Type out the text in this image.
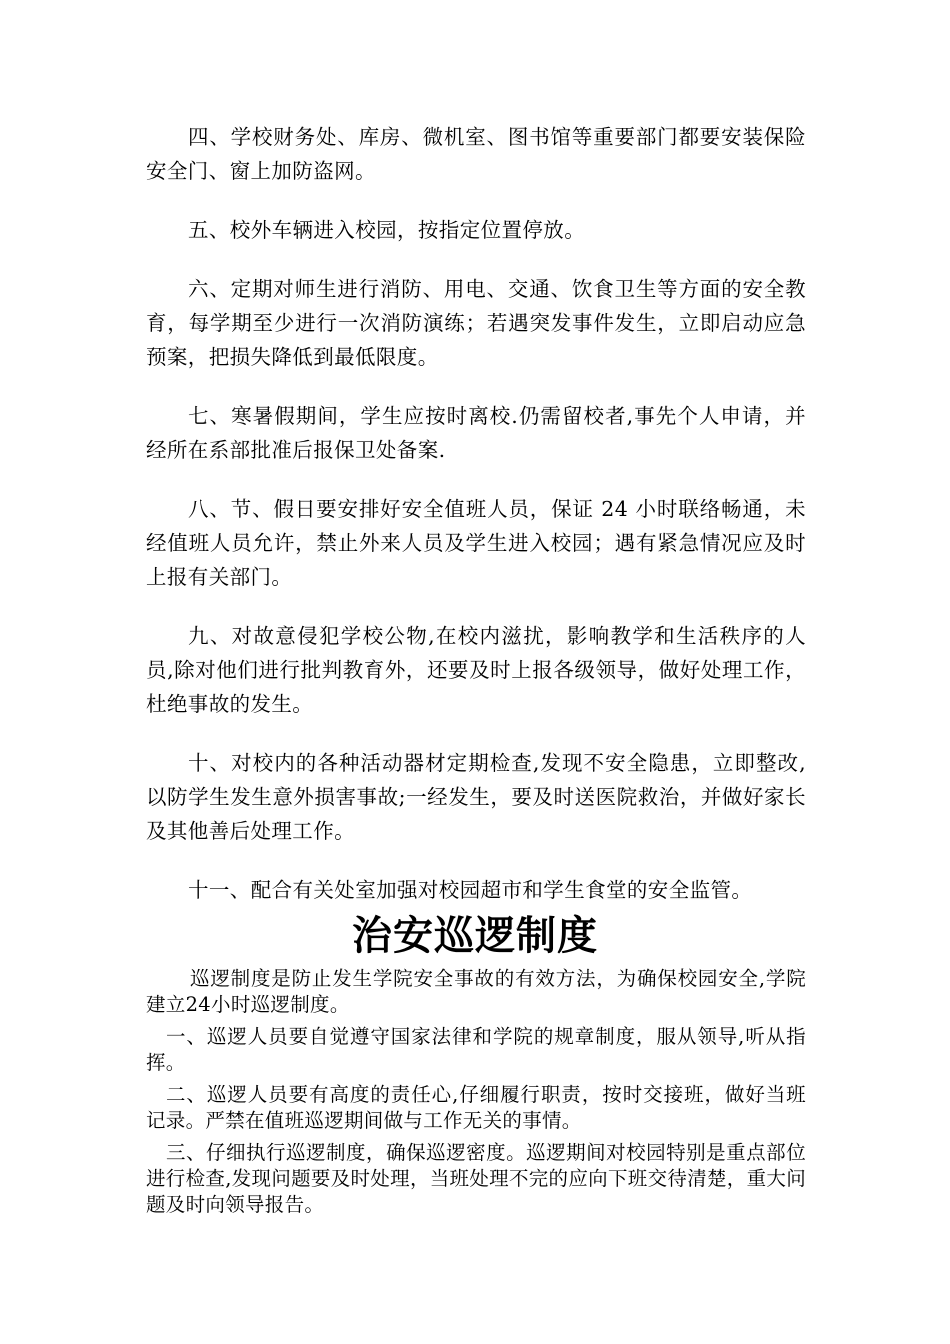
四、学校财务处、库房、微机室、图书馆等重要部门都要安装保险安全门、窗上加防盗网。

五、校外车辆进入校园，按指定位置停放。

六、定期对师生进行消防、用电、交通、饮食卫生等方面的安全教育，每学期至少进行一次消防演练；若遇突发事件发生，立即启动应急预案，把损失降低到最低限度。

七、寒暑假期间，学生应按时离校.仍需留校者,事先个人申请，并经所在系部批准后报保卫处备案.

八、节、假日要安排好安全值班人员，保证 24 小时联络畅通，未经值班人员允许，禁止外来人员及学生进入校园；遇有紧急情况应及时上报有关部门。

九、对故意侵犯学校公物,在校内滋扰，影响教学和生活秩序的人员,除对他们进行批判教育外，还要及时上报各级领导，做好处理工作，杜绝事故的发生。

十、对校内的各种活动器材定期检查,发现不安全隐患，立即整改,以防学生发生意外损害事故;一经发生，要及时送医院救治，并做好家长及其他善后处理工作。

十一、配合有关处室加强对校园超市和学生食堂的安全监管。

治安巡逻制度

巡逻制度是防止发生学院安全事故的有效方法，为确保校园安全,学院建立24小时巡逻制度。

一、巡逻人员要自觉遵守国家法律和学院的规章制度，服从领导,听从指挥。

二、巡逻人员要有高度的责任心,仔细履行职责，按时交接班，做好当班记录。严禁在值班巡逻期间做与工作无关的事情。

三、仔细执行巡逻制度，确保巡逻密度。巡逻期间对校园特别是重点部位进行检查,发现问题要及时处理，当班处理不完的应向下班交待清楚，重大问题及时向领导报告。
